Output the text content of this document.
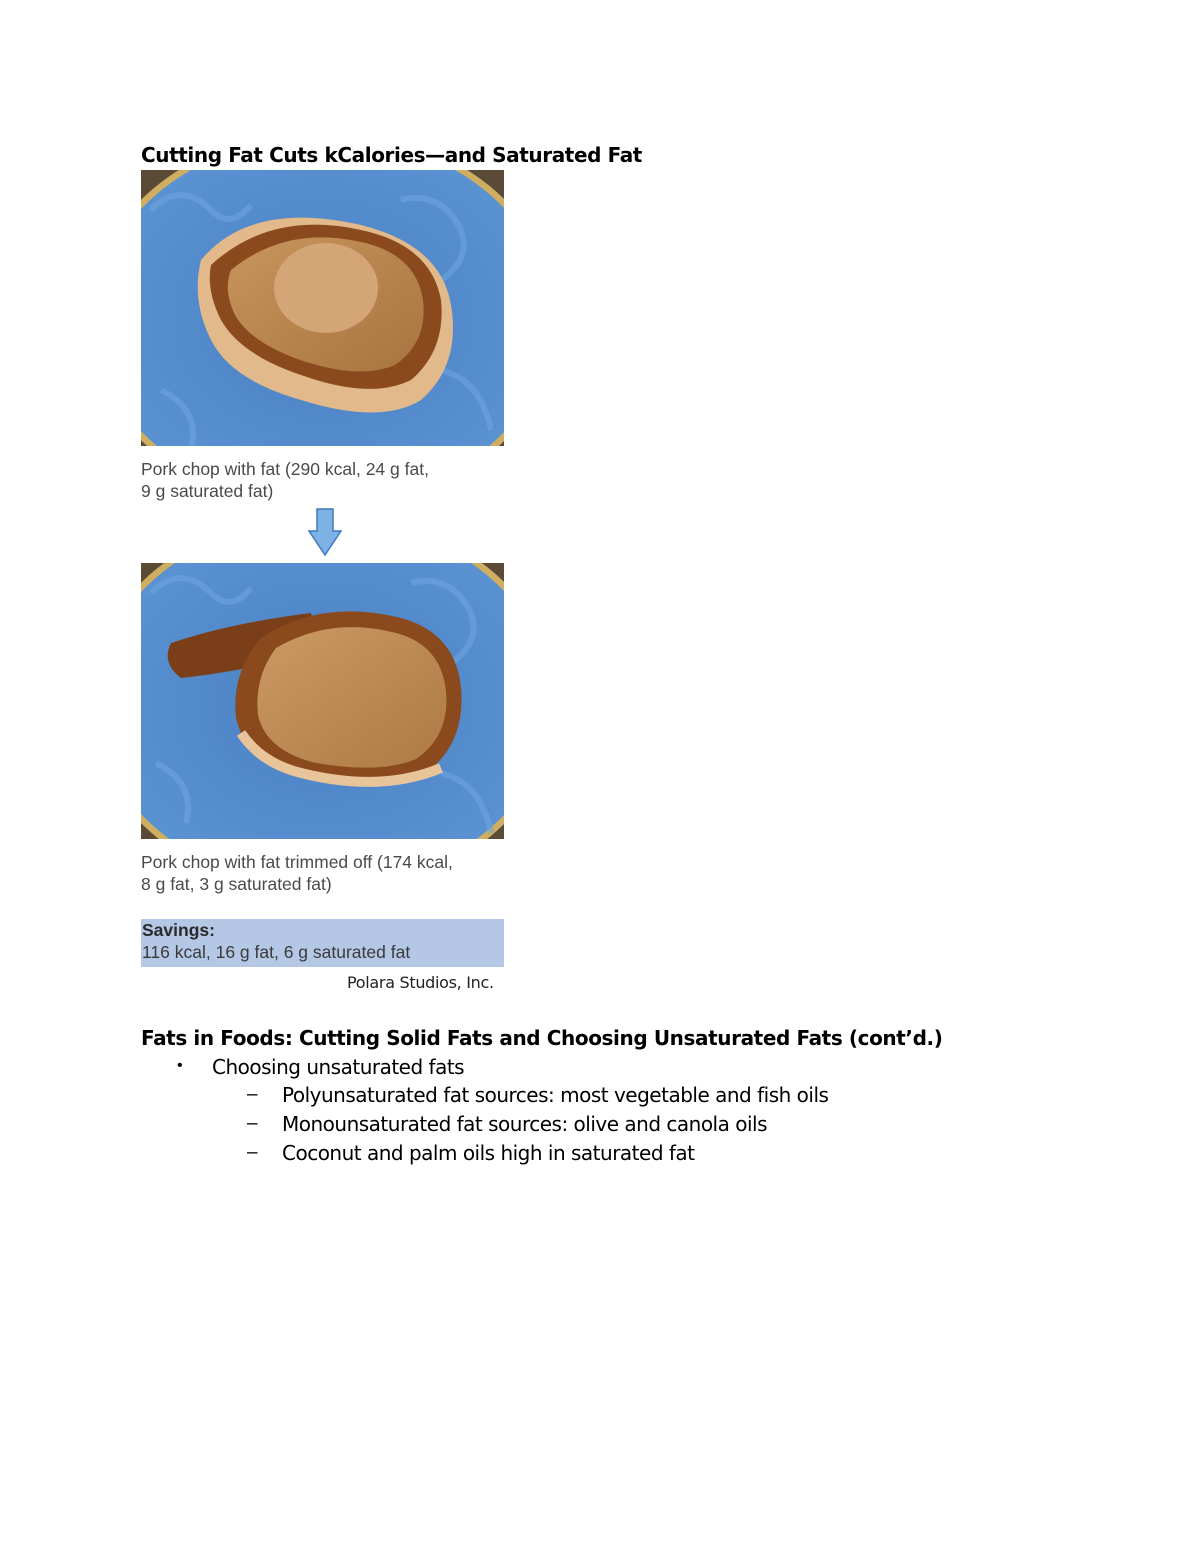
Cutting Fat Cuts kCalories—and Saturated Fat
Pork chop with fat (290 kcal, 24 g fat,
9 g saturated fat)
Pork chop with fat trimmed off (174 kcal,
8 g fat, 3 g saturated fat)
Savings:
116 kcal, 16 g fat, 6 g saturated fat
Polara Studios, Inc.
Fats in Foods: Cutting Solid Fats and Choosing Unsaturated Fats (cont’d.)
• Choosing unsaturated fats
– Polyunsaturated fat sources: most vegetable and fish oils
– Monounsaturated fat sources: olive and canola oils
– Coconut and palm oils high in saturated fat
